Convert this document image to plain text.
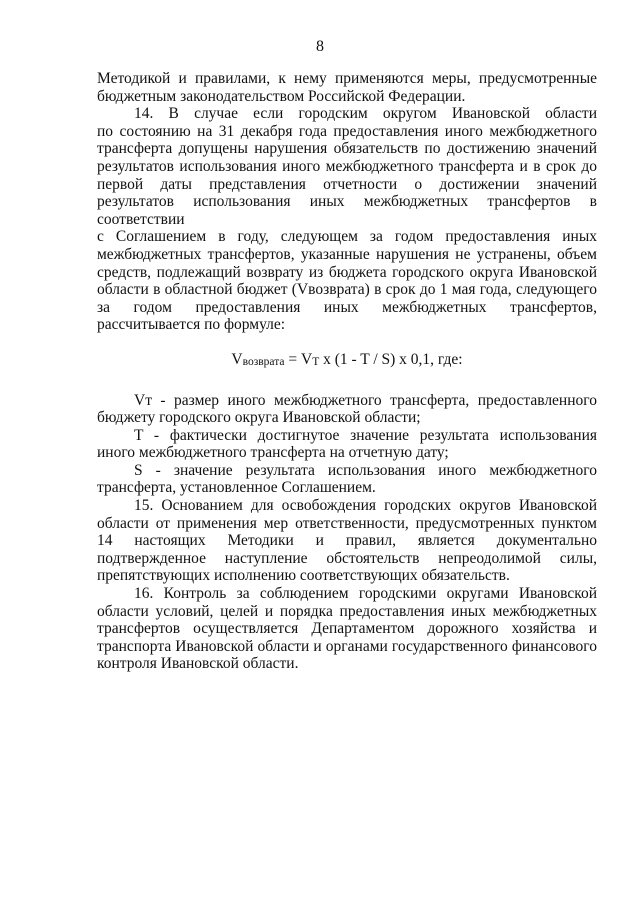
8
Методикой и правилами, к нему применяются меры, предусмотренные
бюджетным законодательством Российской Федерации.
14. В случае если городским округом Ивановской области
по состоянию на 31 декабря года предоставления иного межбюджетного
трансферта допущены нарушения обязательств по достижению значений
результатов использования иного межбюджетного трансферта и в срок до
первой даты представления отчетности о достижении значений
результатов использования иных межбюджетных трансфертов в
соответствии
с Соглашением в году, следующем за годом предоставления иных
межбюджетных трансфертов, указанные нарушения не устранены, объем
средств, подлежащий возврату из бюджета городского округа Ивановской
области в областной бюджет (Vвозврата) в срок до 1 мая года, следующего
за годом предоставления иных межбюджетных трансфертов,
рассчитывается по формуле:
Vвозврата = VT x (1 - T / S) x 0,1, где:
Vт - размер иного межбюджетного трансферта, предоставленного
бюджету городского округа Ивановской области;
T - фактически достигнутое значение результата использования
иного межбюджетного трансферта на отчетную дату;
S - значение результата использования иного межбюджетного
трансферта, установленное Соглашением.
15. Основанием для освобождения городских округов Ивановской
области от применения мер ответственности, предусмотренных пунктом
14 настоящих Методики и правил, является документально
подтвержденное наступление обстоятельств непреодолимой силы,
препятствующих исполнению соответствующих обязательств.
16. Контроль за соблюдением городскими округами Ивановской
области условий, целей и порядка предоставления иных межбюджетных
трансфертов осуществляется Департаментом дорожного хозяйства и
транспорта Ивановской области и органами государственного финансового
контроля Ивановской области.
